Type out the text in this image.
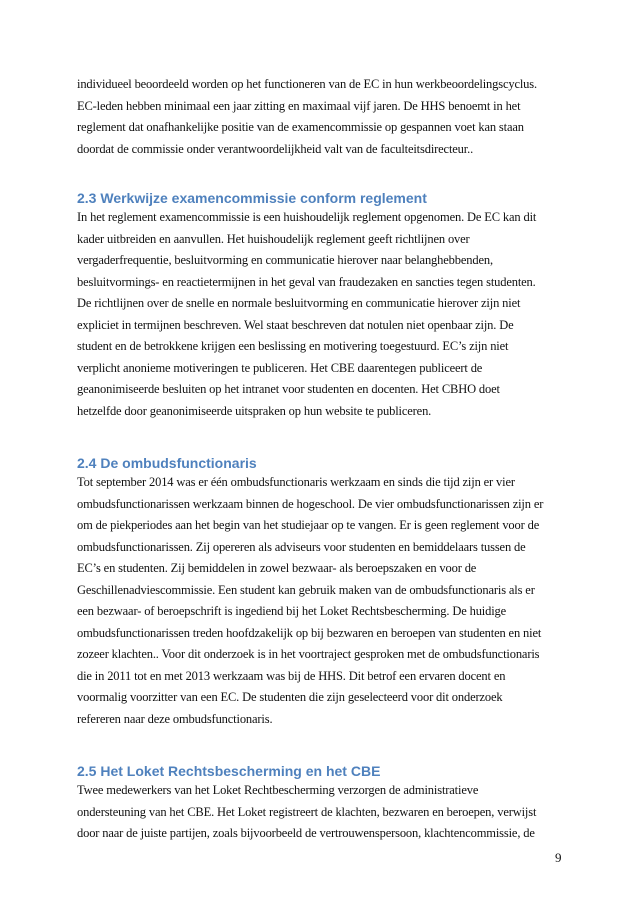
individueel beoordeeld worden op het functioneren van de EC in hun werkbeoordelingscyclus.
EC-leden hebben minimaal een jaar zitting en maximaal vijf jaren. De HHS benoemt in het
reglement dat onafhankelijke positie van de examencommissie op gespannen voet kan staan
doordat de commissie onder verantwoordelijkheid valt van de faculteitsdirecteur..
2.3 Werkwijze examencommissie conform reglement
In het reglement examencommissie is een huishoudelijk reglement opgenomen. De EC kan dit
kader uitbreiden en aanvullen. Het huishoudelijk reglement geeft richtlijnen over
vergaderfrequentie, besluitvorming en communicatie hierover naar belanghebbenden,
besluitvormings- en reactietermijnen in het geval van fraudezaken en sancties tegen studenten.
De richtlijnen over de snelle en normale besluitvorming en communicatie hierover zijn niet
expliciet in termijnen beschreven. Wel staat beschreven dat notulen niet openbaar zijn. De
student en de betrokkene krijgen een beslissing en motivering toegestuurd. EC’s zijn niet
verplicht anonieme motiveringen te publiceren. Het CBE daarentegen publiceert de
geanonimiseerde besluiten op het intranet voor studenten en docenten. Het CBHO doet
hetzelfde door geanonimiseerde uitspraken op hun website te publiceren.
2.4 De ombudsfunctionaris
Tot september 2014 was er één ombudsfunctionaris werkzaam en sinds die tijd zijn er vier
ombudsfunctionarissen werkzaam binnen de hogeschool. De vier ombudsfunctionarissen zijn er
om de piekperiodes aan het begin van het studiejaar op te vangen. Er is geen reglement voor de
ombudsfunctionarissen. Zij opereren als adviseurs voor studenten en bemiddelaars tussen de
EC’s en studenten. Zij bemiddelen in zowel bezwaar- als beroepszaken en voor de
Geschillenadviescommissie. Een student kan gebruik maken van de ombudsfunctionaris als er
een bezwaar- of beroepschrift is ingediend bij het Loket Rechtsbescherming. De huidige
ombudsfunctionarissen treden hoofdzakelijk op bij bezwaren en beroepen van studenten en niet
zozeer klachten.. Voor dit onderzoek is in het voortraject gesproken met de ombudsfunctionaris
die in 2011 tot en met 2013 werkzaam was bij de HHS. Dit betrof een ervaren docent en
voormalig voorzitter van een EC. De studenten die zijn geselecteerd voor dit onderzoek
refereren naar deze ombudsfunctionaris.
2.5 Het Loket Rechtsbescherming en het CBE
Twee medewerkers van het Loket Rechtbescherming verzorgen de administratieve
ondersteuning van het CBE. Het Loket registreert de klachten, bezwaren en beroepen, verwijst
door naar de juiste partijen, zoals bijvoorbeeld de vertrouwenspersoon, klachtencommissie, de
9
